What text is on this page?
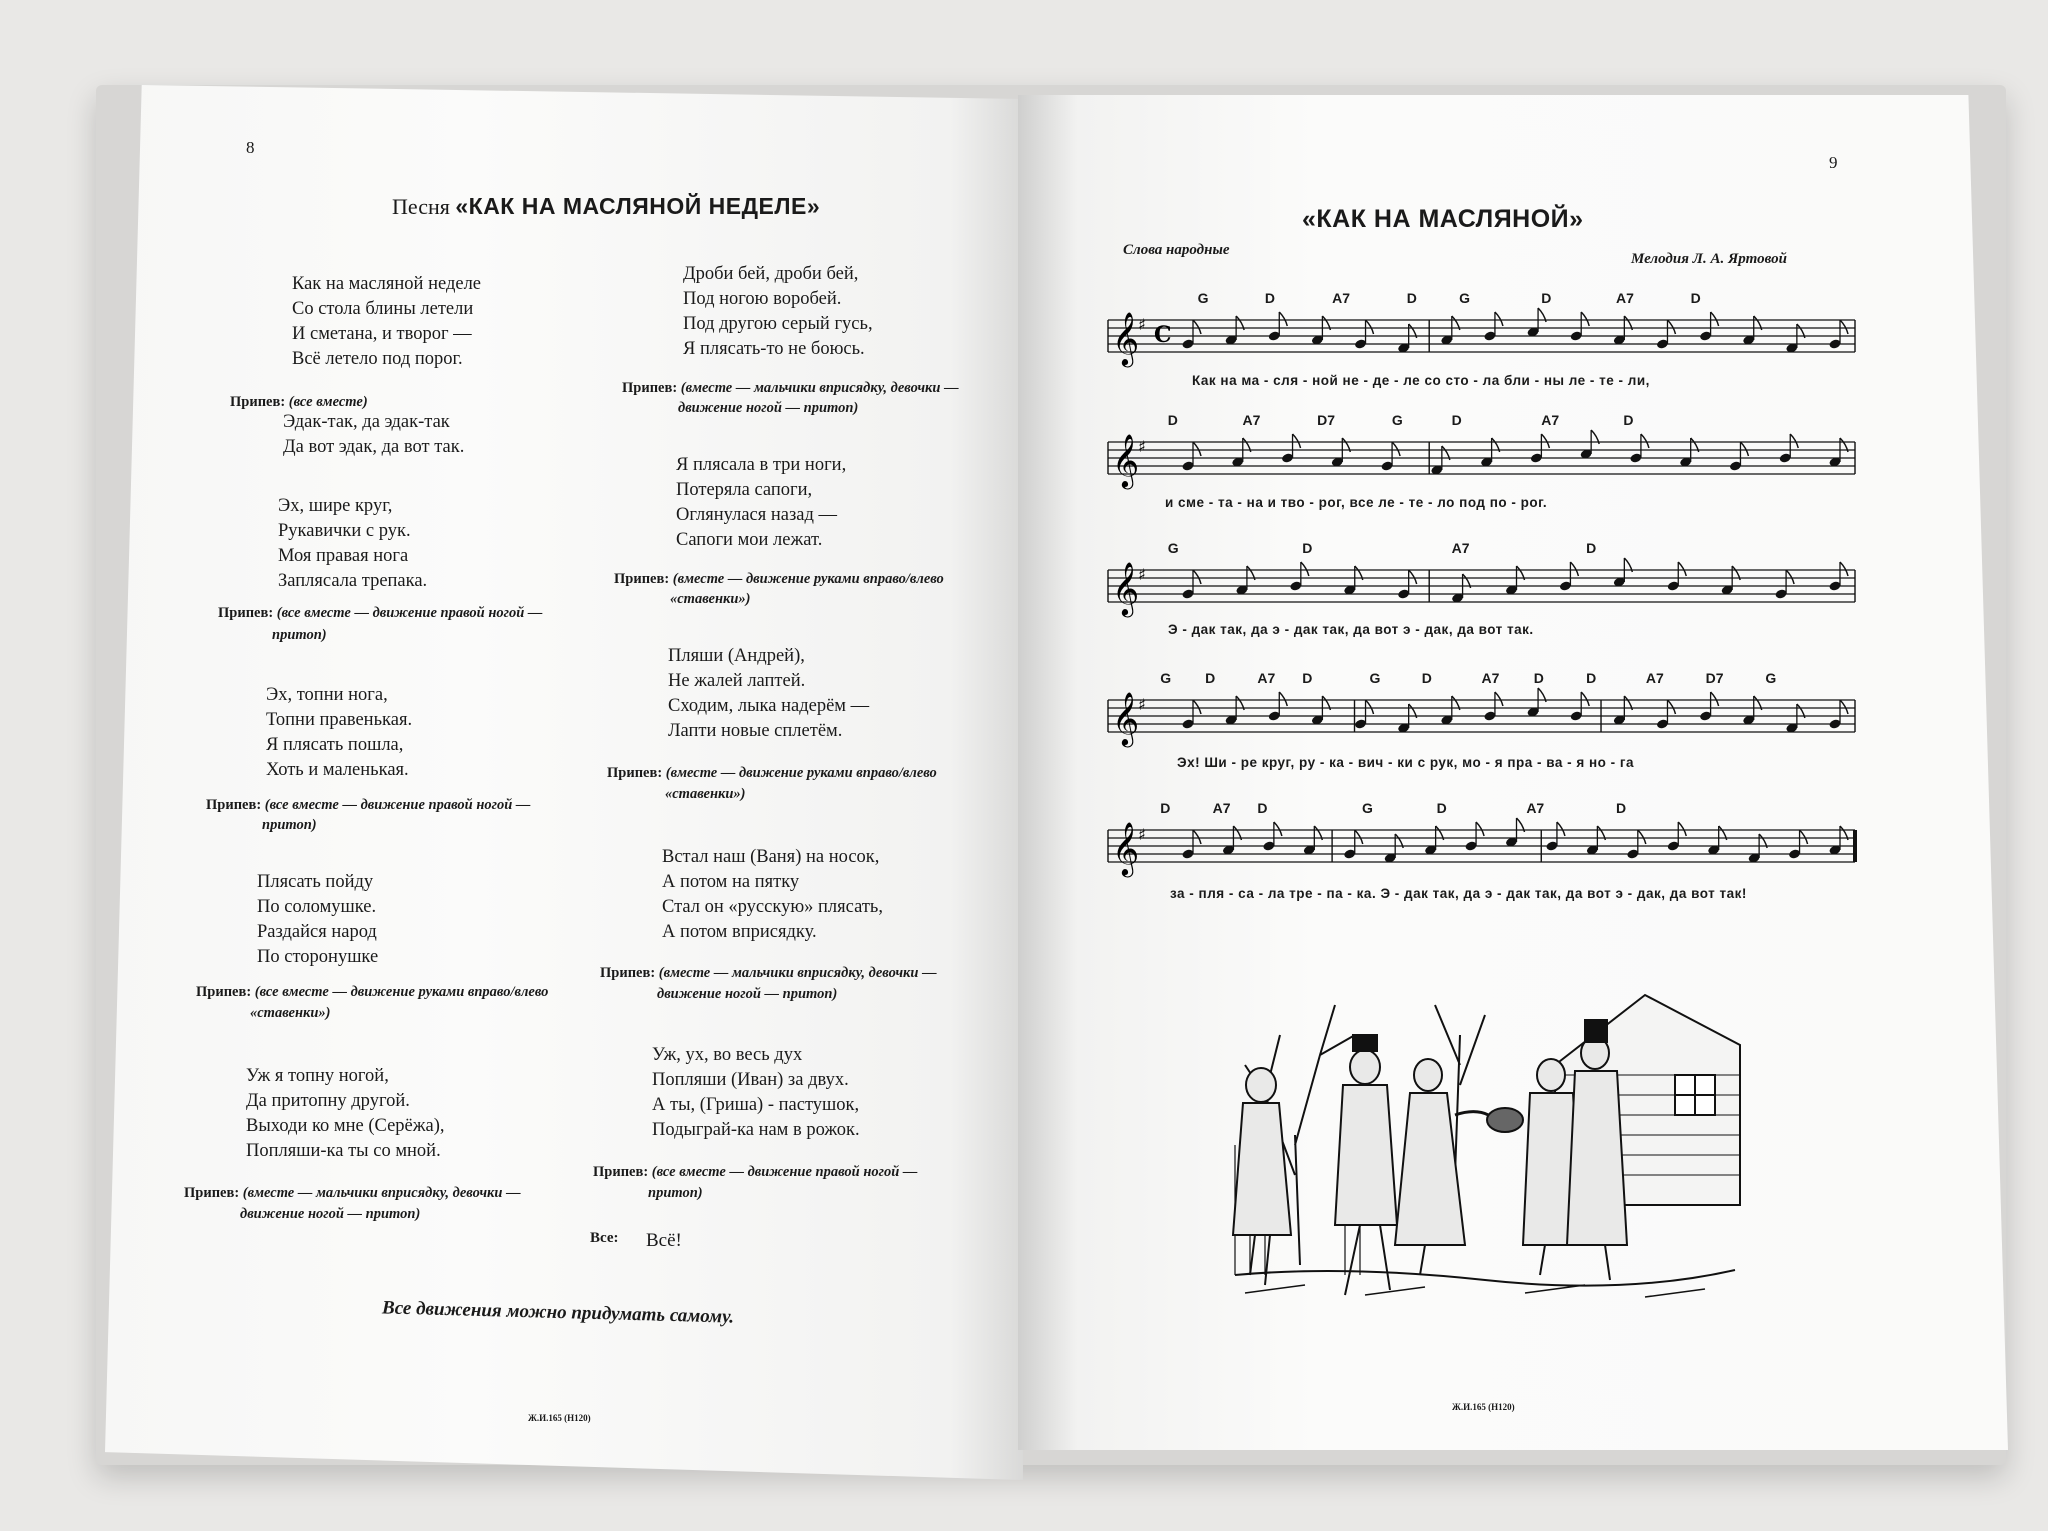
8
Песня «КАК НА МАСЛЯНОЙ НЕДЕЛЕ»
Как на масляной неделе
Со стола блины летели
И сметана, и творог —
Всё летело под порог.
Припев: (все вместе)
Эдак-так, да эдак-так
Да вот эдак, да вот так.
Эх, шире круг,
Рукавички с рук.
Моя правая нога
Заплясала трепака.
Припев: (все вместе — движение правой ногой —
притоп)
Эх, топни нога,
Топни правенькая.
Я плясать пошла,
Хоть и маленькая.
Припев: (все вместе — движение правой ногой —
притоп)
Плясать пойду
По соломушке.
Раздайся народ
По сторонушке
Припев: (все вместе — движение руками вправо/влево
«ставенки»)
Уж я топну ногой,
Да притопну другой.
Выходи ко мне (Серёжа),
Попляши-ка ты со мной.
Припев: (вместе — мальчики вприсядку, девочки —
движение ногой — притоп)
Дроби бей, дроби бей,
Под ногою воробей.
Под другою серый гусь,
Я плясать-то не боюсь.
Припев: (вместе — мальчики вприсядку, девочки —
движение ногой — притоп)
Я плясала в три ноги,
Потеряла сапоги,
Оглянулася назад —
Сапоги мои лежат.
Припев: (вместе — движение руками вправо/влево
«ставенки»)
Пляши (Андрей),
Не жалей лаптей.
Сходим, лыка надерём —
Лапти новые сплетём.
Припев: (вместе — движение руками вправо/влево
«ставенки»)
Встал наш (Ваня) на носок,
А потом на пятку
Стал он «русскую» плясать,
А потом вприсядку.
Припев: (вместе — мальчики вприсядку, девочки —
движение ногой — притоп)
Уж, ух, во весь дух
Попляши (Иван) за двух.
А ты, (Гриша) - пастушок,
Подыграй-ка нам в рожок.
Припев: (все вместе — движение правой ногой —
притоп)
Все: Всё!
Все движения можно придумать самому.
Ж.И.165 (Н120)
9
«КАК НА МАСЛЯНОЙ»
Слова народные
Мелодия Л. А. Яртовой
𝄞
♯ C
𝄞
♯
𝄞
♯
𝄞
♯
𝄞
♯
G	D	A7	D	G	D	A7	D
D	A7	D7	G	D	A7	D
G	D	A7	D
G D	A7 D	G	D	A7 D	D	A7	D7	G
D	A7 D	G	D	A7	D
Как на ма - сля - ной не - де - ле со сто - ла бли - ны ле - те - ли,
и сме - та - на и тво - рог, все ле - те - ло под по - рог.
Э - дак так, да э - дак так, да вот э - дак, да вот так.
Эх! Ши - ре круг, ру - ка - вич - ки с рук, мо - я пра - ва - я но - га
за - пля - са - ла тре - па - ка. Э - дак так, да э - дак так, да вот э - дак, да вот так!
Ж.И.165 (Н120)
